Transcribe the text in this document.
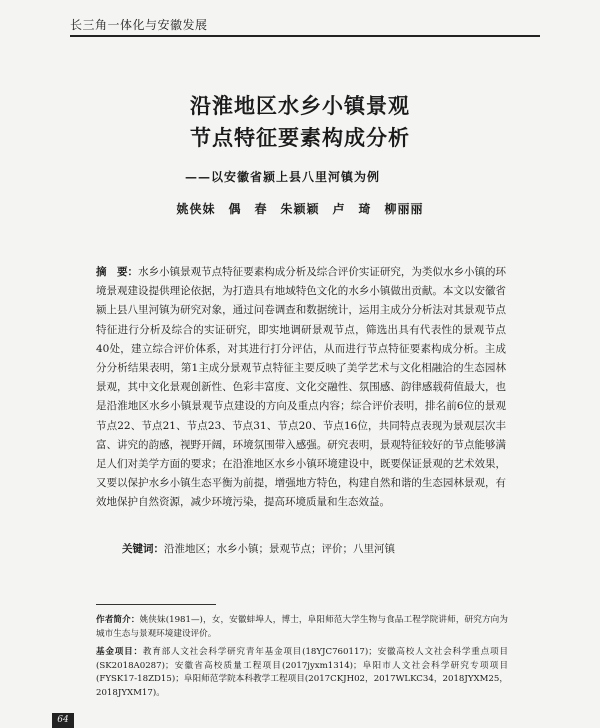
长三角一体化与安徽发展
沿淮地区水乡小镇景观
节点特征要素构成分析
——以安徽省颍上县八里河镇为例
姚侠妹　偶　春　朱颖颖　卢　琦　柳丽丽
摘　要：水乡小镇景观节点特征要素构成分析及综合评价实证研究，为类似水乡小镇的环境景观建设提供理论依据，为打造具有地域特色文化的水乡小镇做出贡献。本文以安徽省颍上县八里河镇为研究对象，通过问卷调查和数据统计，运用主成分分析法对其景观节点特征进行分析及综合的实证研究，即实地调研景观节点，筛选出具有代表性的景观节点40处，建立综合评价体系，对其进行打分评估，从而进行节点特征要素构成分析。主成分分析结果表明，第1主成分景观节点特征主要反映了美学艺术与文化相融洽的生态园林景观，其中文化景观创新性、色彩丰富度、文化交融性、氛围感、韵律感载荷值最大，也是沿淮地区水乡小镇景观节点建设的方向及重点内容；综合评价表明，排名前6位的景观节点22、节点21、节点23、节点31、节点20、节点16位，共同特点表现为景观层次丰富、讲究的韵感，视野开阔，环境氛围带入感强。研究表明，景观特征较好的节点能够满足人们对美学方面的要求；在沿淮地区水乡小镇环境建设中，既要保证景观的艺术效果，又要以保护水乡小镇生态平衡为前提，增强地方特色，构建自然和谐的生态园林景观，有效地保护自然资源，减少环境污染，提高环境质量和生态效益。
关键词：沿淮地区；水乡小镇；景观节点；评价；八里河镇
作者简介：姚侠妹(1981—)，女，安徽蚌埠人，博士，阜阳师范大学生物与食品工程学院讲师，研究方向为城市生态与景观环境建设评价。
基金项目：教育部人文社会科学研究青年基金项目(18YJC760117)；安徽高校人文社会科学重点项目(SK2018A0287)；安徽省高校质量工程项目(2017jyxm1314)；阜阳市人文社会科学研究专项项目(FYSK17-18ZD15)；阜阳师范学院本科教学工程项目(2017CKJH02，2017WLKC34，2018JYXM25，2018JYXM17)。
64
